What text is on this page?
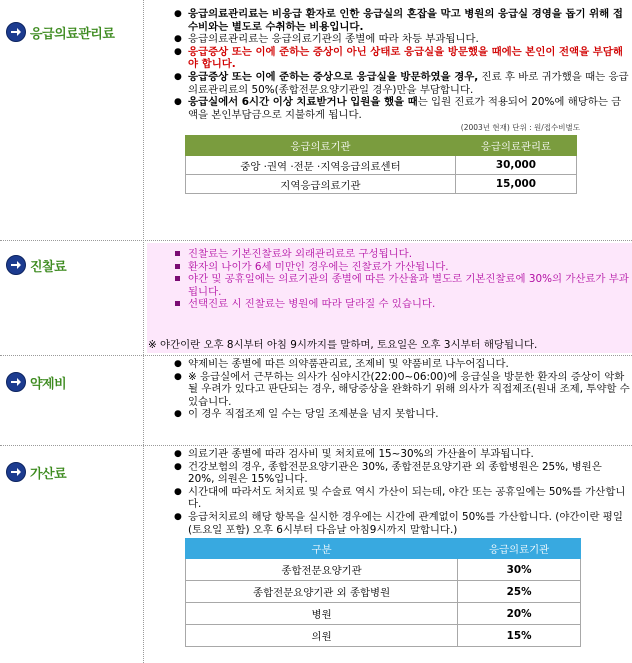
응급의료관리료
● 응급의료관리료는 비응급 환자로 인한 응급실의 혼잡을 막고 병원의 응급실 경영을 돕기 위해 접수비와는 별도로 수취하는 비용입니다.
● 응급의료관리료는 응급의료기관의 종별에 따라 차등 부과됩니다.
● 응급증상 또는 이에 준하는 증상이 아닌 상태로 응급실을 방문했을 때에는 본인이 전액을 부담해야 합니다.
● 응급증상 또는 이에 준하는 증상으로 응급실을 방문하였을 경우, 진료 후 바로 귀가했을 때는 응급의료관리료의 50%(종합전문요양기관일 경우)만을 부담합니다.
● 응급실에서 6시간 이상 치료받거나 입원을 했을 때는 입원 진료가 적용되어 20%에 해당하는 금액을 본인부담금으로 지불하게 됩니다.
(2003년 현재) 단위 : 원/접수비별도
응급의료기관	응급의료관리료
중앙 ·권역 ·전문 ·지역응급의료센터	30,000
지역응급의료기관	15,000
진찰료
진찰료는 기본진찰료와 외래관리료로 구성됩니다.
환자의 나이가 6세 미만인 경우에는 진찰료가 가산됩니다.
야간 및 공휴일에는 의료기관의 종별에 따른 가산율과 별도로 기본진찰료에 30%의 가산료가 부과됩니다.
선택진료 시 진찰료는 병원에 따라 달라질 수 있습니다.
※ 야간이란 오후 8시부터 아침 9시까지를 말하며, 토요일은 오후 3시부터 해당됩니다.
약제비
● 약제비는 종별에 따른 의약품관리료, 조제비 및 약품비로 나누어집니다.
● ※ 응급실에서 근무하는 의사가 심야시간(22:00~06:00)에 응급실을 방문한 환자의 증상이 악화될 우려가 있다고 판단되는 경우, 해당증상을 완화하기 위해 의사가 직접제조(원내 조제, 투약할 수 있습니다.
● 이 경우 직접조제 일 수는 당일 조제분을 넘지 못합니다.
가산료
● 의료기관 종별에 따라 검사비 및 처치료에 15~30%의 가산율이 부과됩니다.
● 건강보험의 경우, 종합전문요양기관은 30%, 종합전문요양기관 외 종합병원은 25%, 병원은 20%, 의원은 15%입니다.
● 시간대에 따라서도 처치료 및 수술료 역시 가산이 되는데, 야간 또는 공휴일에는 50%를 가산합니다.
● 응급처치료의 해당 항목을 실시한 경우에는 시간에 관계없이 50%를 가산합니다. (야간이란 평일(토요일 포함) 오후 6시부터 다음날 아침9시까지 말합니다.)
구분	응급의료기관
종합전문요양기관	30%
종합전문요양기관 외 종합병원	25%
병원	20%
의원	15%
